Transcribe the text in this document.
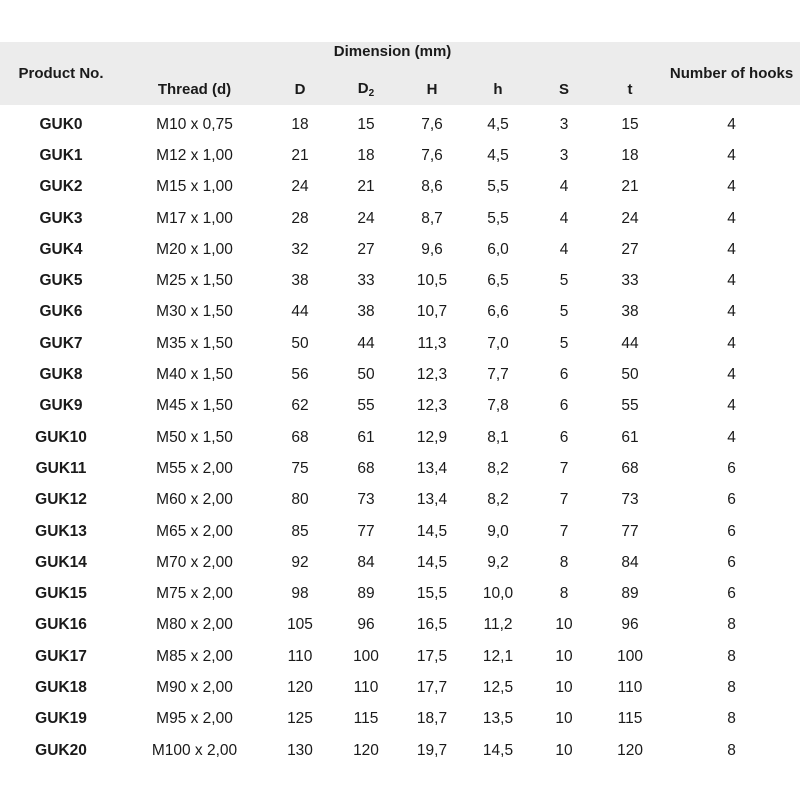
Product No.	Dimension (mm)							Number of hooks
	Thread (d)	D	$D_2$	H	h	S	t	
GUK0	M10 x 0,75	18	15	7,6	4,5	3	15	4
GUK1	M12 x 1,00	21	18	7,6	4,5	3	18	4
GUK2	M15 x 1,00	24	21	8,6	5,5	4	21	4
GUK3	M17 x 1,00	28	24	8,7	5,5	4	24	4
GUK4	M20 x 1,00	32	27	9,6	6,0	4	27	4
GUK5	M25 x 1,50	38	33	10,5	6,5	5	33	4
GUK6	M30 x 1,50	44	38	10,7	6,6	5	38	4
GUK7	M35 x 1,50	50	44	11,3	7,0	5	44	4
GUK8	M40 x 1,50	56	50	12,3	7,7	6	50	4
GUK9	M45 x 1,50	62	55	12,3	7,8	6	55	4
GUK10	M50 x 1,50	68	61	12,9	8,1	6	61	4
GUK11	M55 x 2,00	75	68	13,4	8,2	7	68	6
GUK12	M60 x 2,00	80	73	13,4	8,2	7	73	6
GUK13	M65 x 2,00	85	77	14,5	9,0	7	77	6
GUK14	M70 x 2,00	92	84	14,5	9,2	8	84	6
GUK15	M75 x 2,00	98	89	15,5	10,0	8	89	6
GUK16	M80 x 2,00	105	96	16,5	11,2	10	96	8
GUK17	M85 x 2,00	110	100	17,5	12,1	10	100	8
GUK18	M90 x 2,00	120	110	17,7	12,5	10	110	8
GUK19	M95 x 2,00	125	115	18,7	13,5	10	115	8
GUK20	M100 x 2,00	130	120	19,7	14,5	10	120	8
